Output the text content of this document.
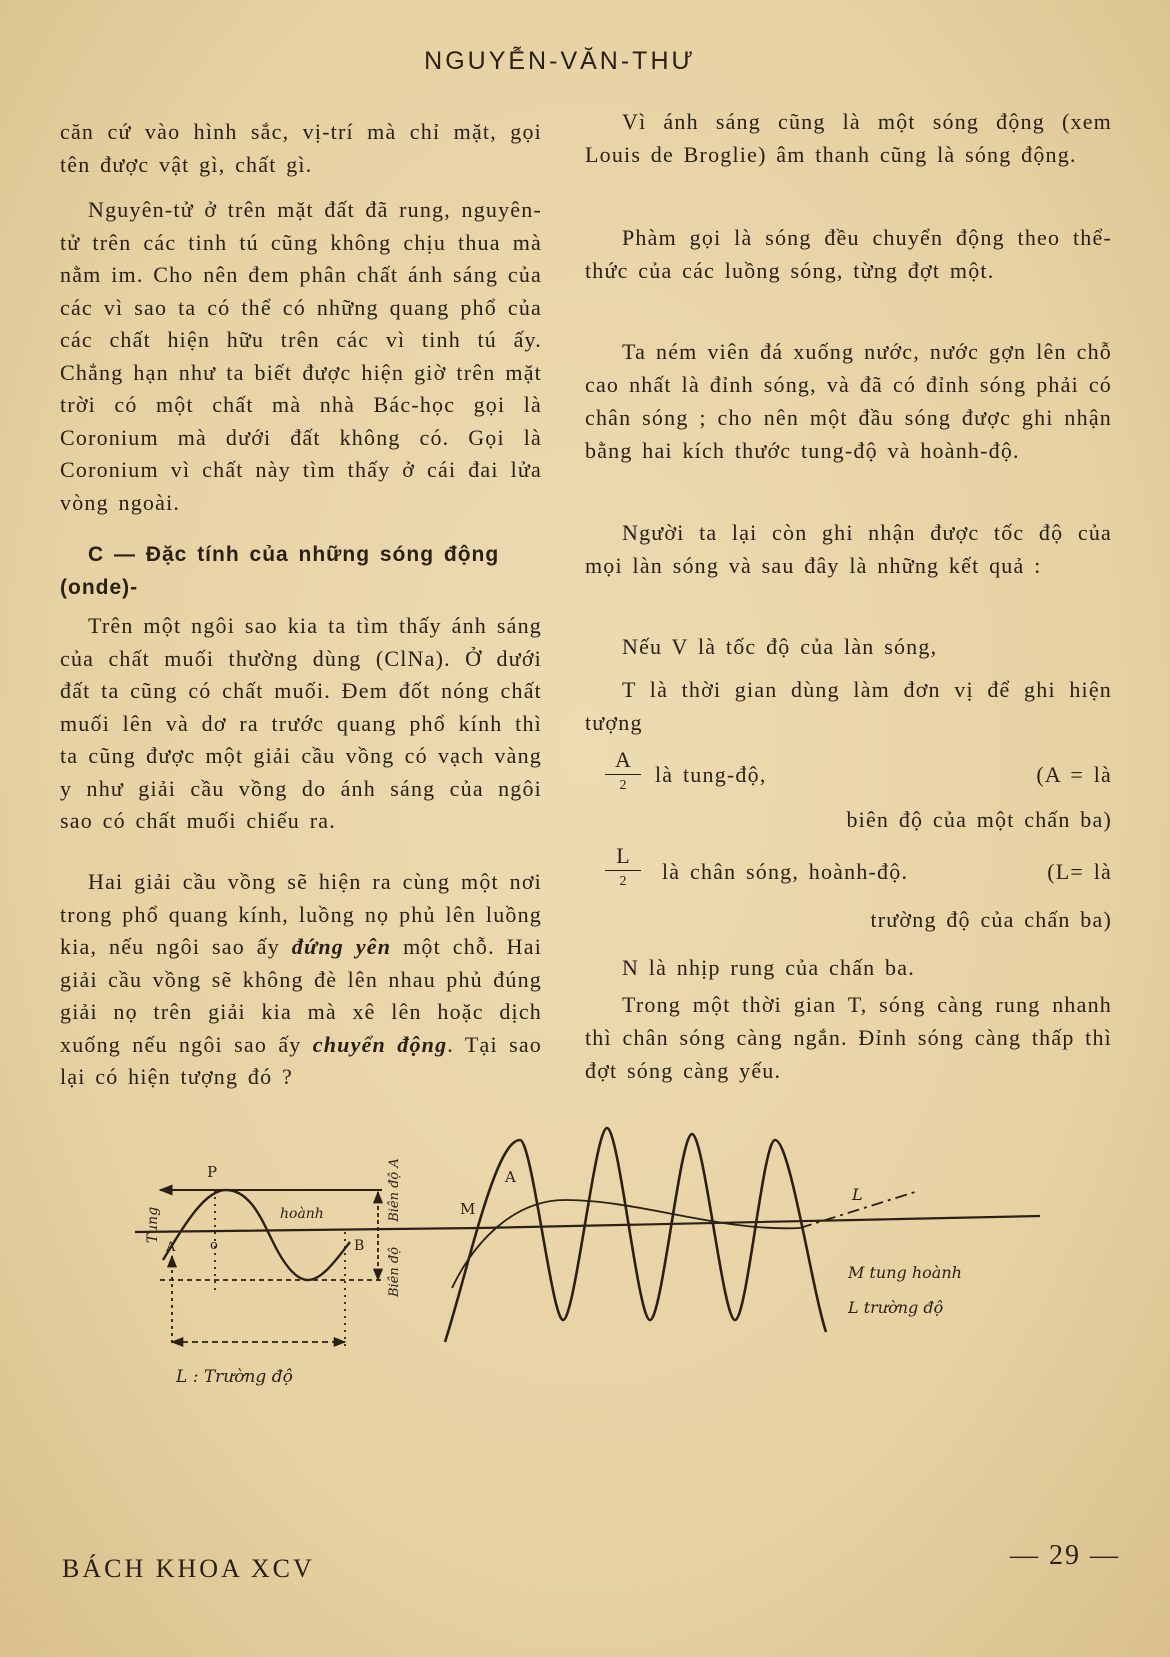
NGUYỄN-VĂN-THƯ

căn cứ vào hình sắc, vị-trí mà chỉ mặt, gọi tên được vật gì, chất gì.

Nguyên-tử ở trên mặt đất đã rung, nguyên-tử trên các tinh tú cũng không chịu thua mà nằm im. Cho nên đem phân chất ánh sáng của các vì sao ta có thể có những quang phổ của các chất hiện hữu trên các vì tinh tú ấy. Chẳng hạn như ta biết được hiện giờ trên mặt trời có một chất mà nhà Bác-học gọi là Coronium mà dưới đất không có. Gọi là Coronium vì chất này tìm thấy ở cái đai lửa vòng ngoài.

C — Đặc tính của những sóng động (onde)-

Trên một ngôi sao kia ta tìm thấy ánh sáng của chất muối thường dùng (ClNa). Ở dưới đất ta cũng có chất muối. Đem đốt nóng chất muối lên và dơ ra trước quang phổ kính thì ta cũng được một giải cầu vồng có vạch vàng y như giải cầu vồng do ánh sáng của ngôi sao có chất muối chiếu ra.

Hai giải cầu vồng sẽ hiện ra cùng một nơi trong phổ quang kính, luồng nọ phủ lên luồng kia, nếu ngôi sao ấy đứng yên một chỗ. Hai giải cầu vồng sẽ không đè lên nhau phủ đúng giải nọ trên giải kia mà xê lên hoặc dịch xuống nếu ngôi sao ấy chuyển động. Tại sao lại có hiện tượng đó ?

Vì ánh sáng cũng là một sóng động (xem Louis de Broglie) âm thanh cũng là sóng động.

Phàm gọi là sóng đều chuyển động theo thể-thức của các luồng sóng, từng đợt một.

Ta ném viên đá xuống nước, nước gợn lên chỗ cao nhất là đỉnh sóng, và đã có đỉnh sóng phải có chân sóng ; cho nên một đầu sóng được ghi nhận bằng hai kích thước tung-độ và hoành-độ.

Người ta lại còn ghi nhận được tốc độ của mọi làn sóng và sau đây là những kết quả :

Nếu V là tốc độ của làn sóng,

T là thời gian dùng làm đơn vị để ghi hiện tượng

A
2 là tung-độ,	(A = là
biên độ của một chấn ba)
L
2 là chân sóng, hoành-độ.	(L= là
trường độ của chấn ba)

N là nhịp rung của chấn ba.

Trong một thời gian T, sóng càng rung nhanh thì chân sóng càng ngắn. Đỉnh sóng càng thấp thì đợt sóng càng yếu.

Tung
P
A	o
hoành
B
Biên độ A
Biên độ
M
A
L
M tung hoành
L trường độ
L : Trường độ
BÁCH KHOA XCV	— 29 —
